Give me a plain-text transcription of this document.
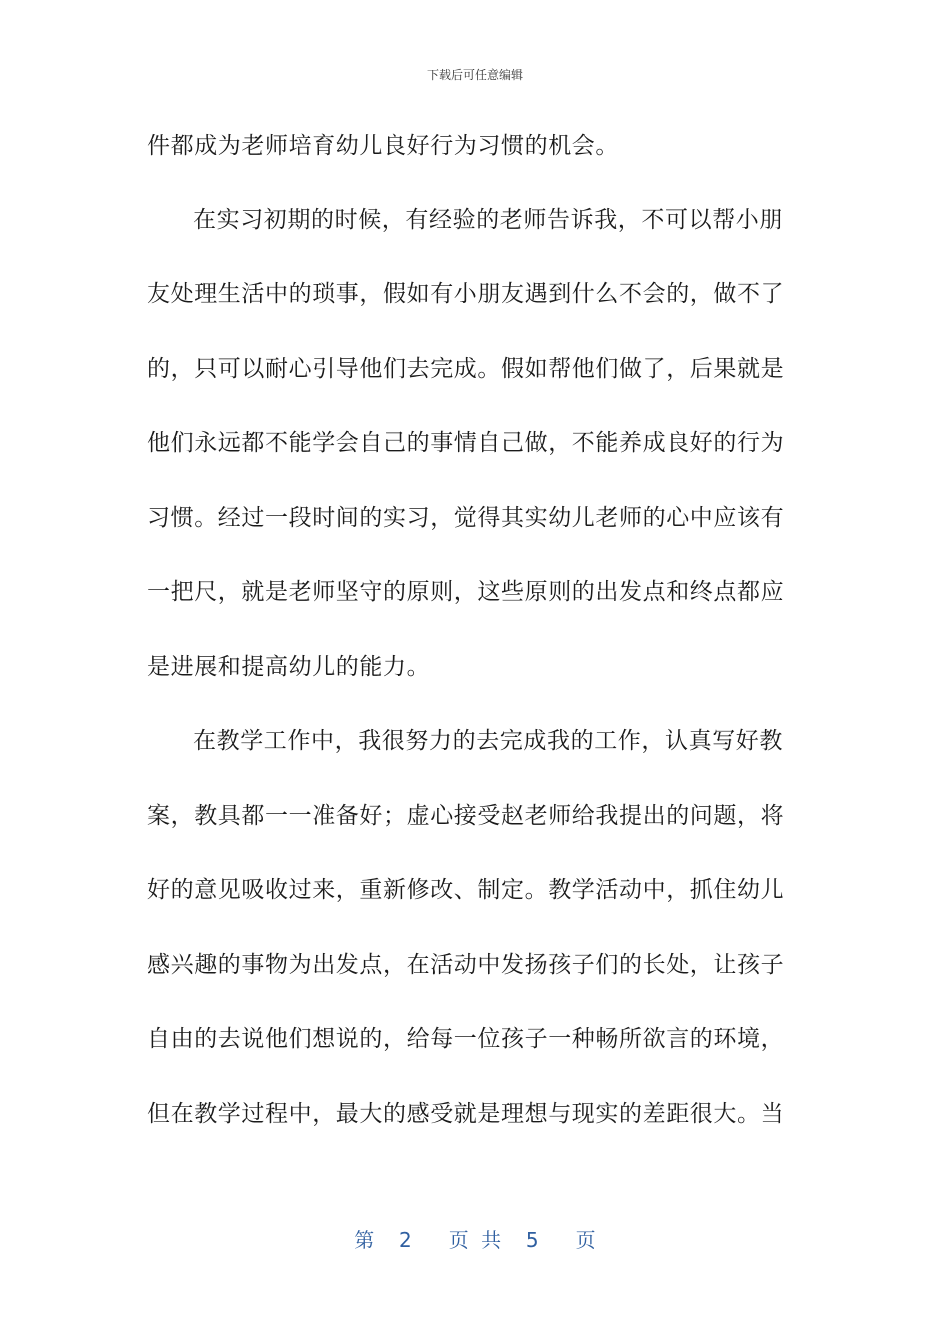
下载后可任意编辑
件都成为老师培育幼儿良好行为习惯的机会。
在实习初期的时候，有经验的老师告诉我，不可以帮小朋
友处理生活中的琐事，假如有小朋友遇到什么不会的，做不了
的，只可以耐心引导他们去完成。假如帮他们做了，后果就是
他们永远都不能学会自己的事情自己做，不能养成良好的行为
习惯。经过一段时间的实习，觉得其实幼儿老师的心中应该有
一把尺，就是老师坚守的原则，这些原则的出发点和终点都应
是进展和提高幼儿的能力。
在教学工作中，我很努力的去完成我的工作，认真写好教
案，教具都一一准备好；虚心接受赵老师给我提出的问题，将
好的意见吸收过来，重新修改、制定。教学活动中，抓住幼儿
感兴趣的事物为出发点，在活动中发扬孩子们的长处，让孩子
自由的去说他们想说的，给每一位孩子一种畅所欲言的环境，
但在教学过程中，最大的感受就是理想与现实的差距很大。当
第  2   页 共  5   页
